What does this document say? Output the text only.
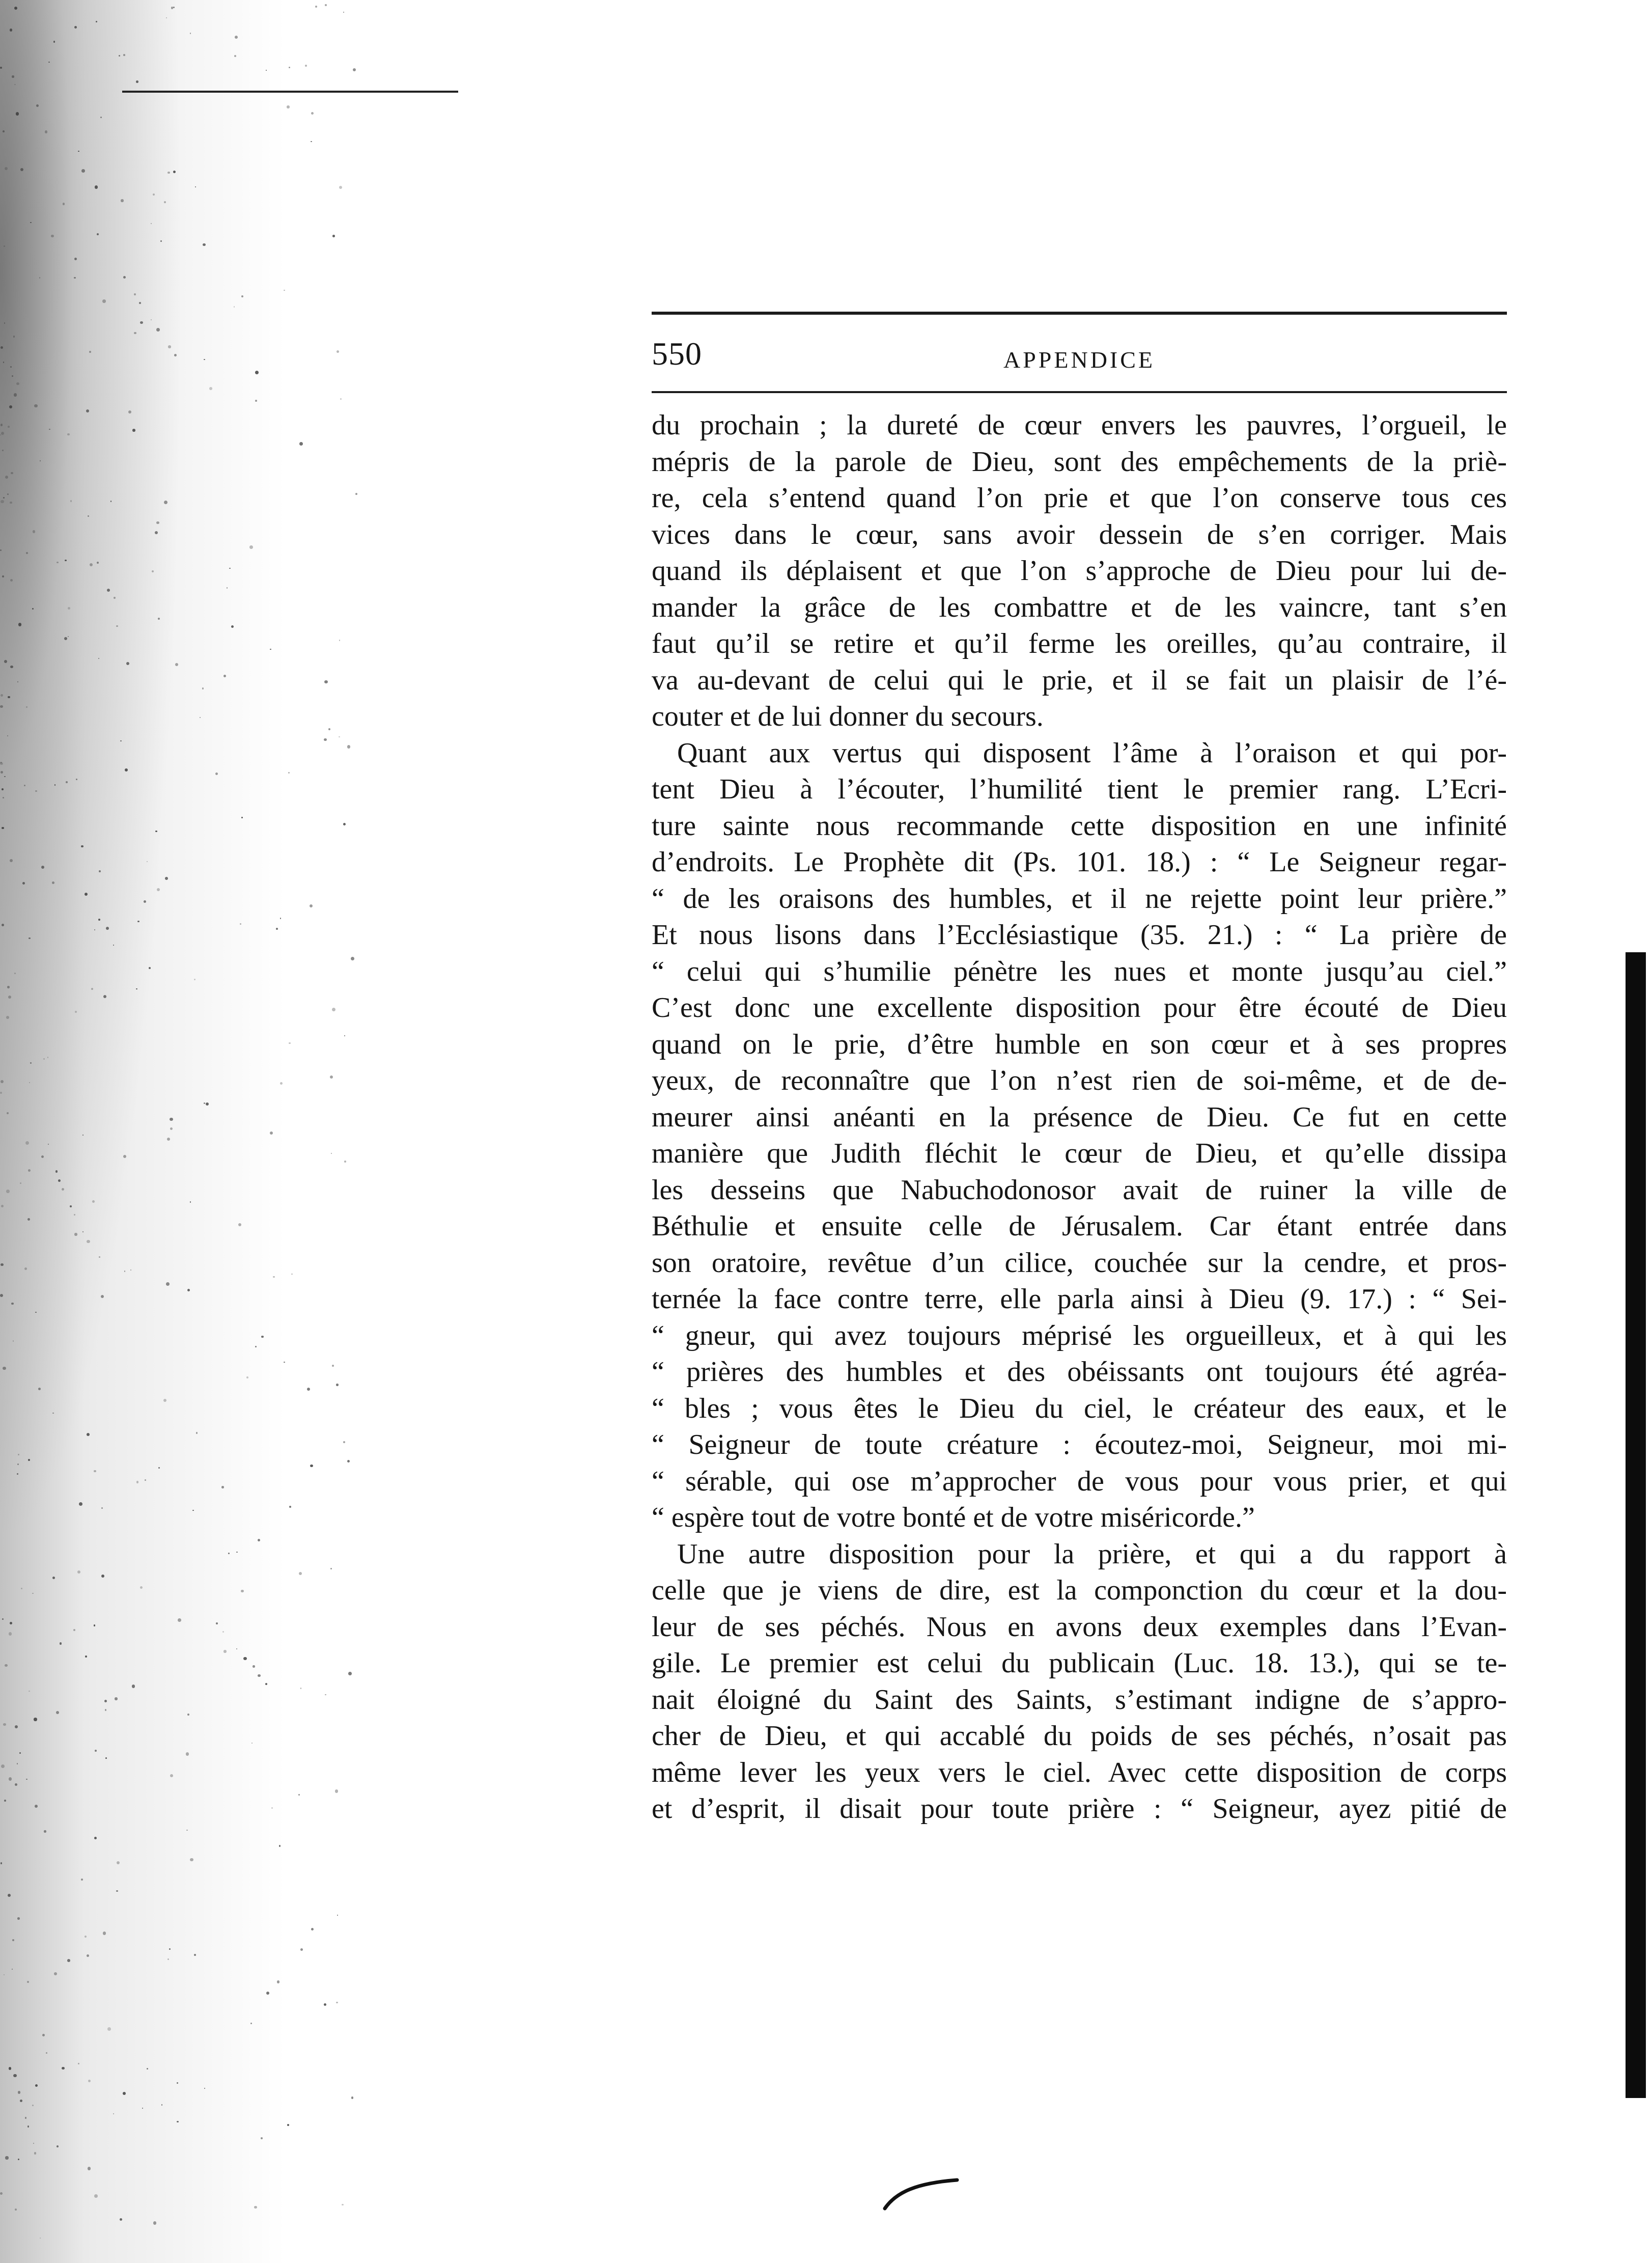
550	APPENDICE
du prochain ; la dureté de cœur envers les pauvres, l’orgueil, le
mépris de la parole de Dieu, sont des empêchements de la priè-
re, cela s’entend quand l’on prie et que l’on conserve tous ces
vices dans le cœur, sans avoir dessein de s’en corriger. Mais
quand ils déplaisent et que l’on s’approche de Dieu pour lui de-
mander la grâce de les combattre et de les vaincre, tant s’en
faut qu’il se retire et qu’il ferme les oreilles, qu’au contraire, il
va au-devant de celui qui le prie, et il se fait un plaisir de l’é-
couter et de lui donner du secours.
Quant aux vertus qui disposent l’âme à l’oraison et qui por-
tent Dieu à l’écouter, l’humilité tient le premier rang. L’Ecri-
ture sainte nous recommande cette disposition en une infinité
d’endroits. Le Prophète dit (Ps. 101. 18.) : “ Le Seigneur regar-
“ de les oraisons des humbles, et il ne rejette point leur prière.”
Et nous lisons dans l’Ecclésiastique (35. 21.) : “ La prière de
“ celui qui s’humilie pénètre les nues et monte jusqu’au ciel.”
C’est donc une excellente disposition pour être écouté de Dieu
quand on le prie, d’être humble en son cœur et à ses propres
yeux, de reconnaître que l’on n’est rien de soi-même, et de de-
meurer ainsi anéanti en la présence de Dieu. Ce fut en cette
manière que Judith fléchit le cœur de Dieu, et qu’elle dissipa
les desseins que Nabuchodonosor avait de ruiner la ville de
Béthulie et ensuite celle de Jérusalem. Car étant entrée dans
son oratoire, revêtue d’un cilice, couchée sur la cendre, et pros-
ternée la face contre terre, elle parla ainsi à Dieu (9. 17.) : “ Sei-
“ gneur, qui avez toujours méprisé les orgueilleux, et à qui les
“ prières des humbles et des obéissants ont toujours été agréa-
“ bles ; vous êtes le Dieu du ciel, le créateur des eaux, et le
“ Seigneur de toute créature : écoutez-moi, Seigneur, moi mi-
“ sérable, qui ose m’approcher de vous pour vous prier, et qui
“ espère tout de votre bonté et de votre miséricorde.”
Une autre disposition pour la prière, et qui a du rapport à
celle que je viens de dire, est la componction du cœur et la dou-
leur de ses péchés. Nous en avons deux exemples dans l’Evan-
gile. Le premier est celui du publicain (Luc. 18. 13.), qui se te-
nait éloigné du Saint des Saints, s’estimant indigne de s’appro-
cher de Dieu, et qui accablé du poids de ses péchés, n’osait pas
même lever les yeux vers le ciel. Avec cette disposition de corps
et d’esprit, il disait pour toute prière : “ Seigneur, ayez pitié de
